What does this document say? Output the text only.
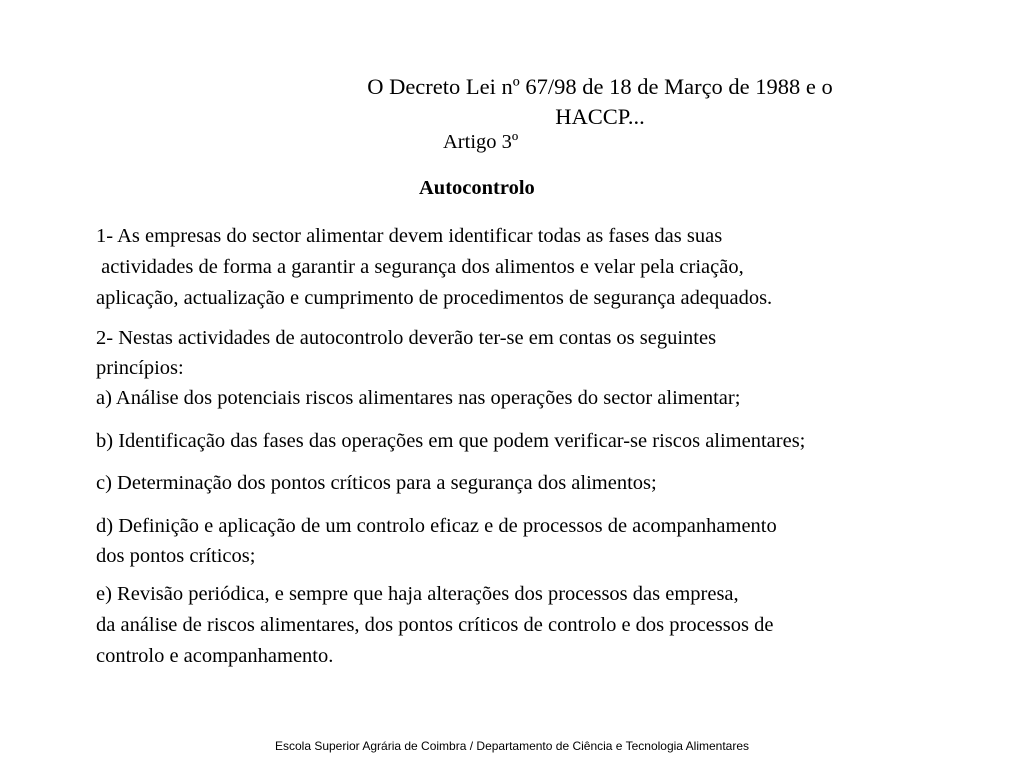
O Decreto Lei nº 67/98 de 18 de Março de 1988 e o
HACCP...

Artigo 3º

Autocontrolo

1- As empresas do sector alimentar devem identificar todas as fases das suas

actividades de forma a garantir a segurança dos alimentos e velar pela criação,

aplicação, actualização e cumprimento de procedimentos de segurança adequados.

2- Nestas actividades de autocontrolo deverão ter-se em contas os seguintes

princípios:

a) Análise dos potenciais riscos alimentares nas operações do sector alimentar;

b) Identificação das fases das operações em que podem verificar-se riscos alimentares;

c) Determinação dos pontos críticos para a segurança dos alimentos;

d) Definição e aplicação de um controlo eficaz e de processos de acompanhamento

dos pontos críticos;

e) Revisão periódica, e sempre que haja alterações dos processos das empresa,

da análise de riscos alimentares, dos pontos críticos de controlo e dos processos de

controlo e acompanhamento.

Escola Superior Agrária de Coimbra / Departamento de Ciência e Tecnologia Alimentares
